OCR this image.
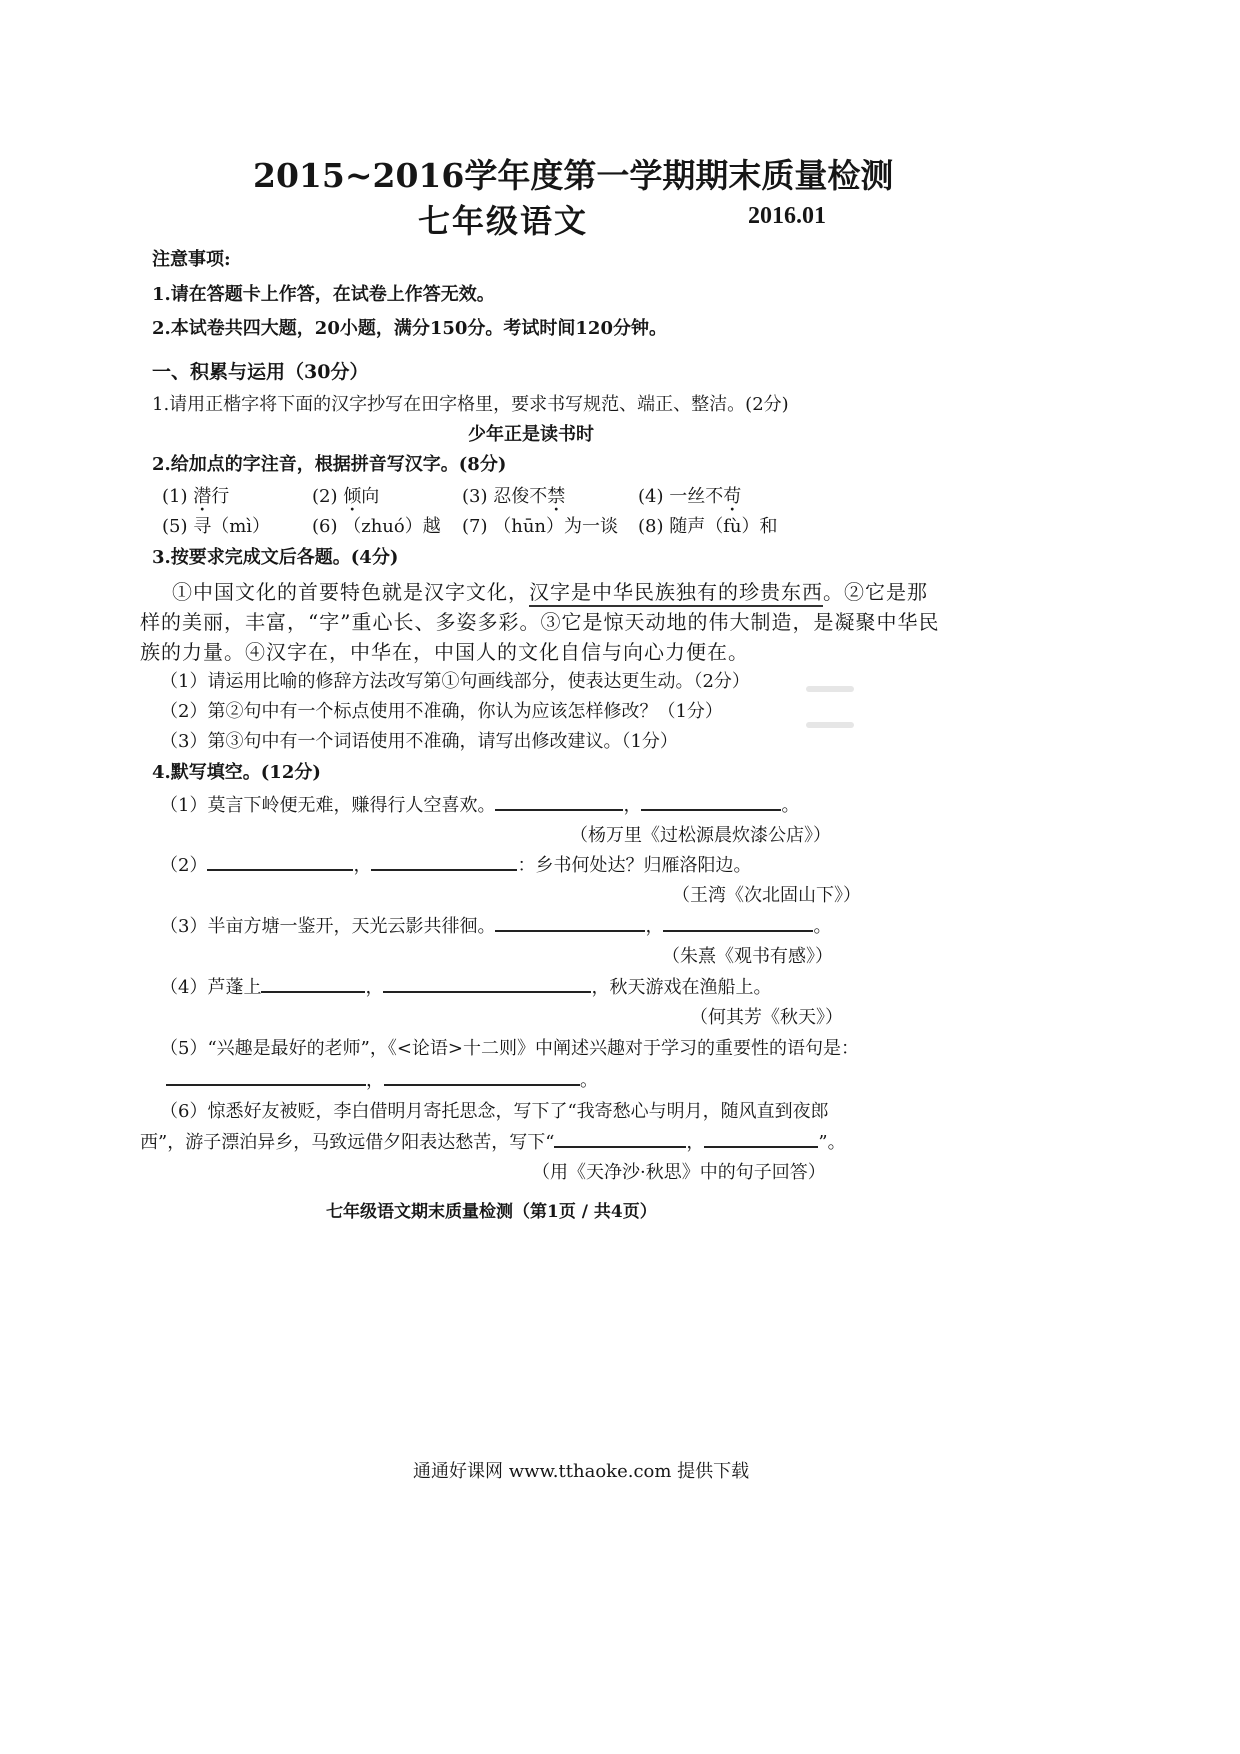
2015~2016学年度第一学期期末质量检测
七年级语文	2016.01
注意事项:
1.请在答题卡上作答，在试卷上作答无效。
2.本试卷共四大题，20小题，满分150分。考试时间120分钟。
一、积累与运用（30分）
1.请用正楷字将下面的汉字抄写在田字格里，要求书写规范、端正、整洁。(2分)
少年正是读书时
2.给加点的字注音，根据拼音写汉字。(8分)
(1) 潜行	(2) 倾向	(3) 忍俊不禁	(4) 一丝不苟
(5) 寻（mì） (6) （zhuó）越 (7) （hūn）为一谈 (8) 随声（fù）和
3.按要求完成文后各题。(4分)
①中国文化的首要特色就是汉字文化，汉字是中华民族独有的珍贵东西。②它是那
样的美丽，丰富，“字”重心长、多姿多彩。③它是惊天动地的伟大制造，是凝聚中华民
族的力量。④汉字在，中华在，中国人的文化自信与向心力便在。
（1）请运用比喻的修辞方法改写第①句画线部分，使表达更生动。（2分）
（2）第②句中有一个标点使用不准确，你认为应该怎样修改？（1分）
（3）第③句中有一个词语使用不准确，请写出修改建议。（1分）
4.默写填空。(12分)
（1）莫言下岭便无难，赚得行人空喜欢。	，	。
（杨万里《过松源晨炊漆公店》）
（2）	，	：乡书何处达？归雁洛阳边。
（王湾《次北固山下》）
（3）半亩方塘一鉴开，天光云影共徘徊。	，	。
（朱熹《观书有感》）
（4）芦蓬上	，	，秋天游戏在渔船上。
（何其芳《秋天》）
（5）“兴趣是最好的老师”，《<论语>十二则》中阐述兴趣对于学习的重要性的语句是：
，	。
（6）惊悉好友被贬，李白借明月寄托思念，写下了“我寄愁心与明月，随风直到夜郎
西”，游子漂泊异乡，马致远借夕阳表达愁苦，写下“	，	”。
（用《天净沙·秋思》中的句子回答）
七年级语文期末质量检测（第1页 / 共4页）
通通好课网 www.tthaoke.com 提供下载
